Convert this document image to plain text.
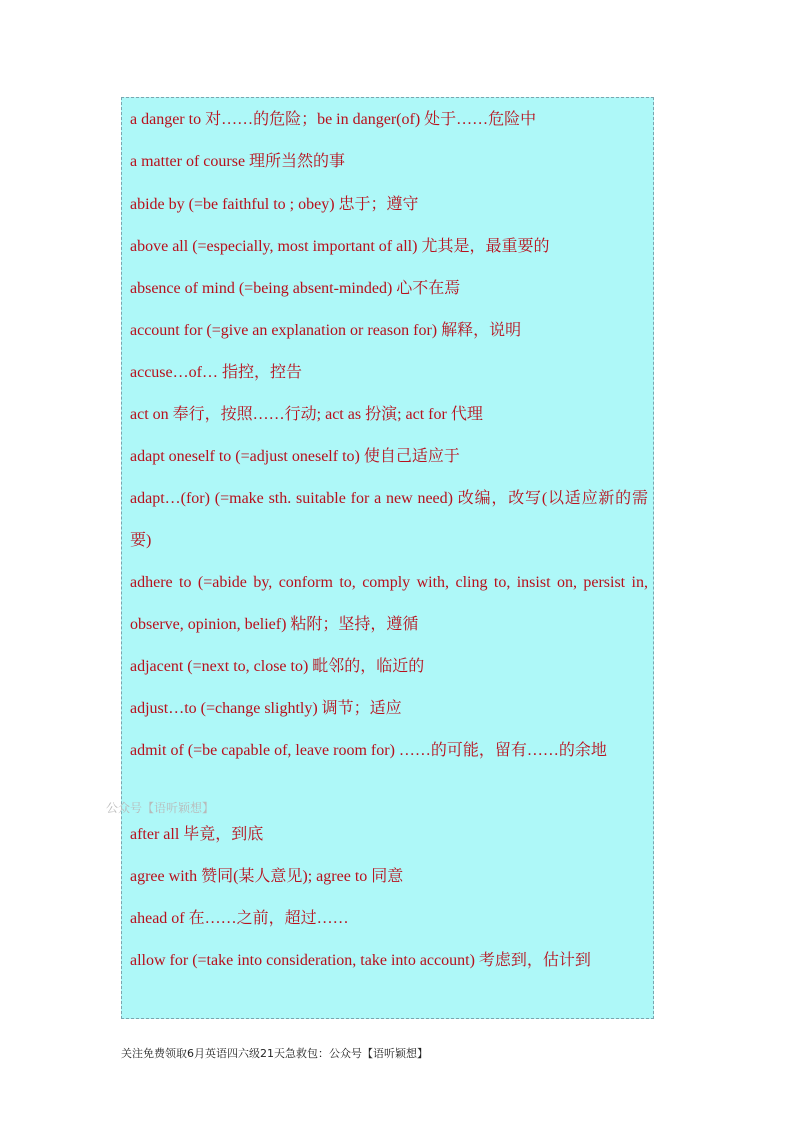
a danger to 对……的危险；be in danger(of) 处于……危险中
a matter of course 理所当然的事
abide by (=be faithful to ; obey) 忠于；遵守
above all (=especially, most important of all) 尤其是，最重要的
absence of mind (=being absent-minded) 心不在焉
account for (=give an explanation or reason for) 解释，说明
accuse…of… 指控，控告
act on 奉行，按照……行动; act as 扮演; act for 代理
adapt oneself to (=adjust oneself to) 使自己适应于
adapt…(for) (=make sth. suitable for a new need) 改编，改写(以适应新的需要)
adhere to (=abide by, conform to, comply with, cling to, insist on, persist in, observe, opinion, belief) 粘附；坚持，遵循
adjacent (=next to, close to) 毗邻的，临近的
adjust…to (=change slightly) 调节；适应
admit of (=be capable of, leave room for) ……的可能，留有……的余地
after all 毕竟，到底
agree with 赞同(某人意见); agree to 同意
ahead of 在……之前，超过……
allow for (=take into consideration, take into account) 考虑到，估计到
公众号【语听颖想】
关注免费领取6月英语四六级21天急救包：公众号【语听颖想】
